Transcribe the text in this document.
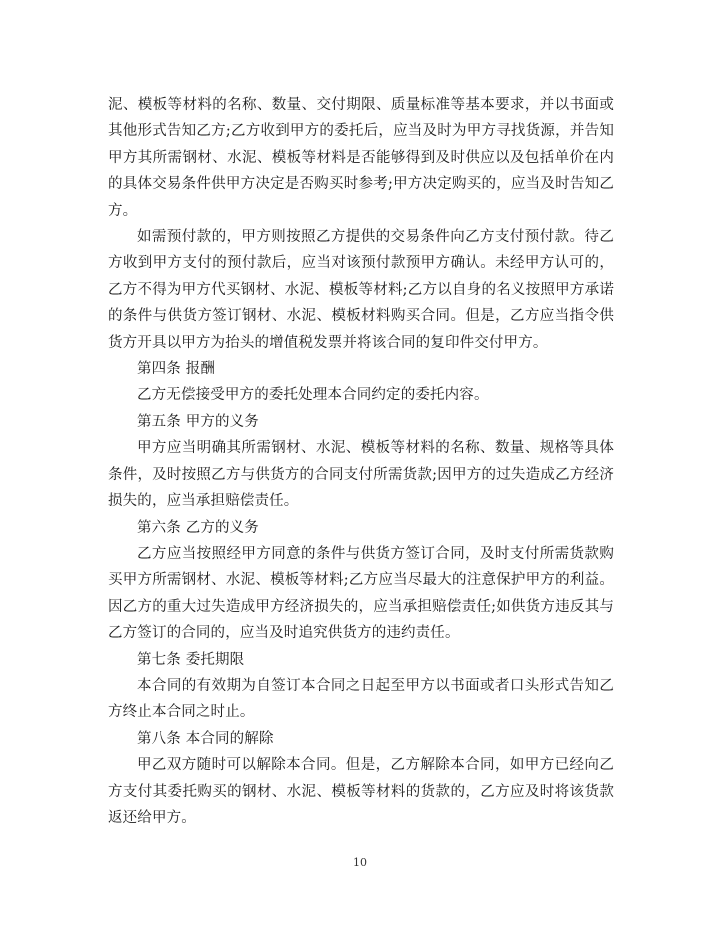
泥、模板等材料的名称、数量、交付期限、质量标准等基本要求，并以书面或其他形式告知乙方;乙方收到甲方的委托后，应当及时为甲方寻找货源，并告知甲方其所需钢材、水泥、模板等材料是否能够得到及时供应以及包括单价在内的具体交易条件供甲方决定是否购买时参考;甲方决定购买的，应当及时告知乙方。

如需预付款的，甲方则按照乙方提供的交易条件向乙方支付预付款。待乙方收到甲方支付的预付款后，应当对该预付款预甲方确认。未经甲方认可的，乙方不得为甲方代买钢材、水泥、模板等材料;乙方以自身的名义按照甲方承诺的条件与供货方签订钢材、水泥、模板材料购买合同。但是，乙方应当指令供货方开具以甲方为抬头的增值税发票并将该合同的复印件交付甲方。

第四条 报酬

乙方无偿接受甲方的委托处理本合同约定的委托内容。

第五条 甲方的义务

甲方应当明确其所需钢材、水泥、模板等材料的名称、数量、规格等具体条件，及时按照乙方与供货方的合同支付所需货款;因甲方的过失造成乙方经济损失的，应当承担赔偿责任。

第六条 乙方的义务

乙方应当按照经甲方同意的条件与供货方签订合同，及时支付所需货款购买甲方所需钢材、水泥、模板等材料;乙方应当尽最大的注意保护甲方的利益。因乙方的重大过失造成甲方经济损失的，应当承担赔偿责任;如供货方违反其与乙方签订的合同的，应当及时追究供货方的违约责任。

第七条 委托期限

本合同的有效期为自签订本合同之日起至甲方以书面或者口头形式告知乙方终止本合同之时止。

第八条 本合同的解除

甲乙双方随时可以解除本合同。但是，乙方解除本合同，如甲方已经向乙方支付其委托购买的钢材、水泥、模板等材料的货款的，乙方应及时将该货款返还给甲方。

10
